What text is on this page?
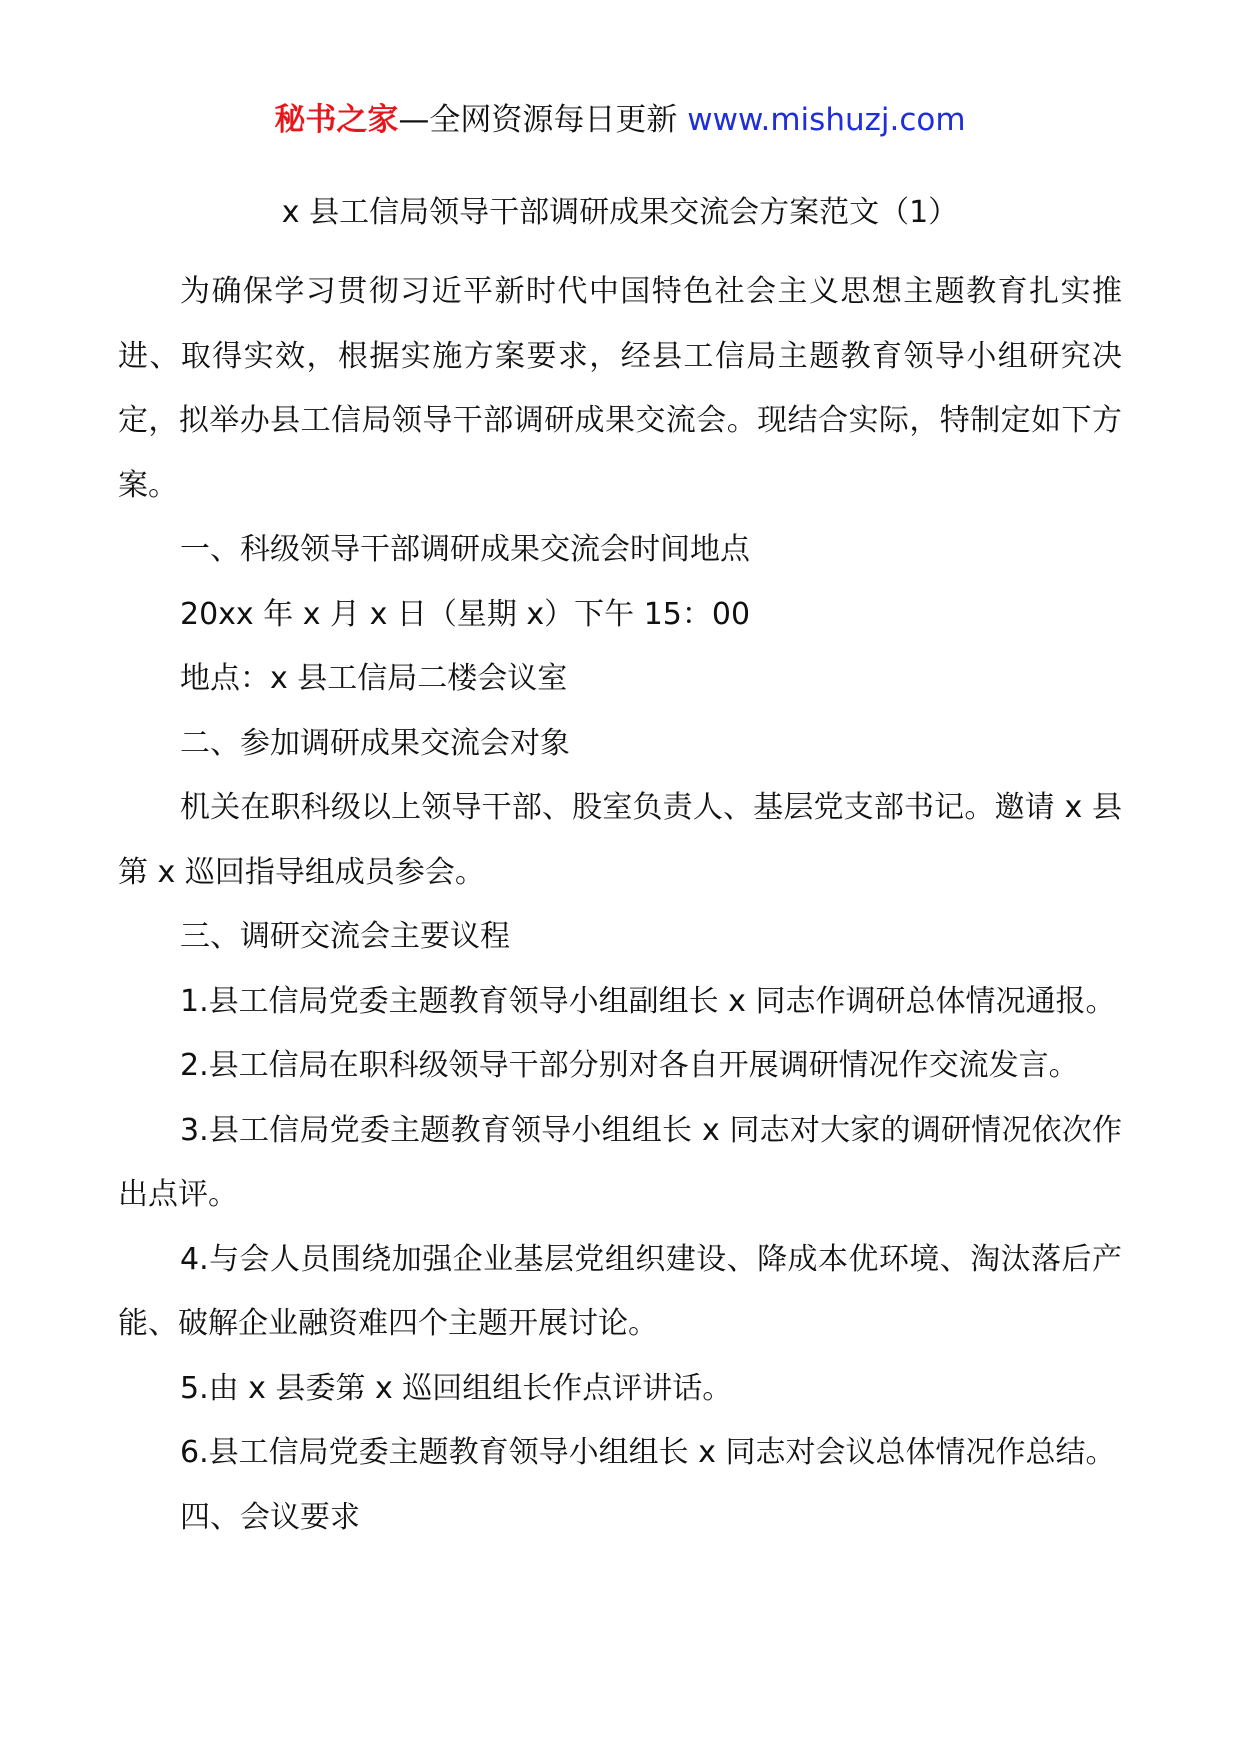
秘书之家—全网资源每日更新 www.mishuzj.com
x 县工信局领导干部调研成果交流会方案范文（1）

为确保学习贯彻习近平新时代中国特色社会主义思想主题教育扎实推进、取得实效，根据实施方案要求，经县工信局主题教育领导小组研究决定，拟举办县工信局领导干部调研成果交流会。现结合实际，特制定如下方案。

一、科级领导干部调研成果交流会时间地点

20xx 年 x 月 x 日（星期 x）下午 15：00

地点：x 县工信局二楼会议室

二、参加调研成果交流会对象

机关在职科级以上领导干部、股室负责人、基层党支部书记。邀请 x 县第 x 巡回指导组成员参会。

三、调研交流会主要议程

1.县工信局党委主题教育领导小组副组长 x 同志作调研总体情况通报。

2.县工信局在职科级领导干部分别对各自开展调研情况作交流发言。

3.县工信局党委主题教育领导小组组长 x 同志对大家的调研情况依次作出点评。

4.与会人员围绕加强企业基层党组织建设、降成本优环境、淘汰落后产能、破解企业融资难四个主题开展讨论。

5.由 x 县委第 x 巡回组组长作点评讲话。

6.县工信局党委主题教育领导小组组长 x 同志对会议总体情况作总结。

四、会议要求
